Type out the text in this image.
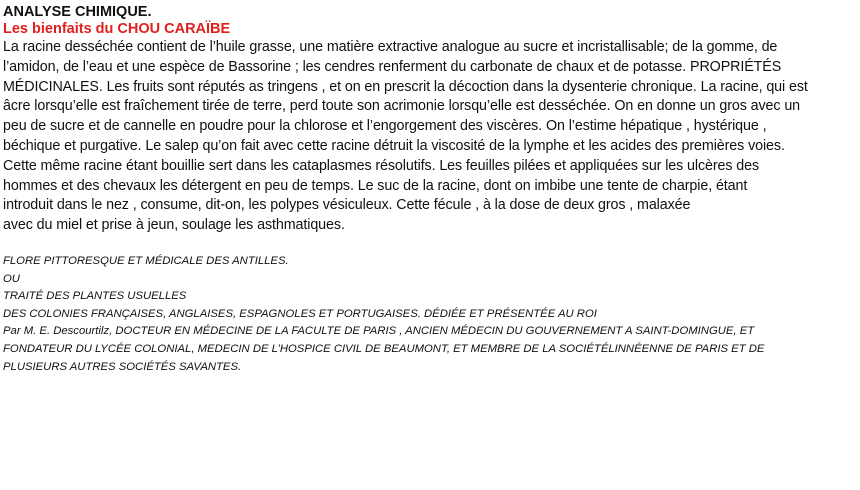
ANALYSE CHIMIQUE.

Les bienfaits du CHOU CARAÏBE

La racine desséchée contient de l’huile grasse, une matière extractive analogue au sucre et incristallisable; de la gomme, de
l’amidon, de l’eau et une espèce de Bassorine ; les cendres renferment du carbonate de chaux et de potasse. PROPRIÉTÉS
MÉDICINALES. Les fruits sont réputés as tringens , et on en prescrit la décoction dans la dysenterie chronique. La racine, qui est
âcre lorsqu’elle est fraîchement tirée de terre, perd toute son acrimonie lorsqu’elle est desséchée. On en donne un gros avec un
peu de sucre et de cannelle en poudre pour la chlorose et l’engorgement des viscères. On l’estime hépatique , hystérique ,
béchique et purgative. Le salep qu’on fait avec cette racine détruit la viscosité de la lymphe et les acides des premières voies.
Cette même racine étant bouillie sert dans les cataplasmes résolutifs. Les feuilles pilées et appliquées sur les ulcères des
hommes et des chevaux les détergent en peu de temps. Le suc de la racine, dont on imbibe une tente de charpie, étant
introduit dans le nez , consume, dit-on, les polypes vésiculeux. Cette fécule , à la dose de deux gros , malaxée
avec du miel et prise à jeun, soulage les asthmatiques.

FLORE PITTORESQUE ET MÉDICALE DES ANTILLES.
OU
TRAITÉ DES PLANTES USUELLES
DES COLONIES FRANÇAISES, ANGLAISES, ESPAGNOLES ET PORTUGAISES. DÉDIÉE ET PRÉSENTÉE AU ROI
Par M. E. Descourtilz, DOCTEUR EN MÉDECINE DE LA FACULTE DE PARIS , ANCIEN MÉDECIN DU GOUVERNEMENT A SAINT-DOMINGUE, ET
FONDATEUR DU LYCÉE COLONIAL, MEDECIN DE L’HOSPICE CIVIL DE BEAUMONT, ET MEMBRE DE LA SOCIÉTÉLINNÉENNE DE PARIS ET DE
PLUSIEURS AUTRES SOCIÉTÉS SAVANTES.
